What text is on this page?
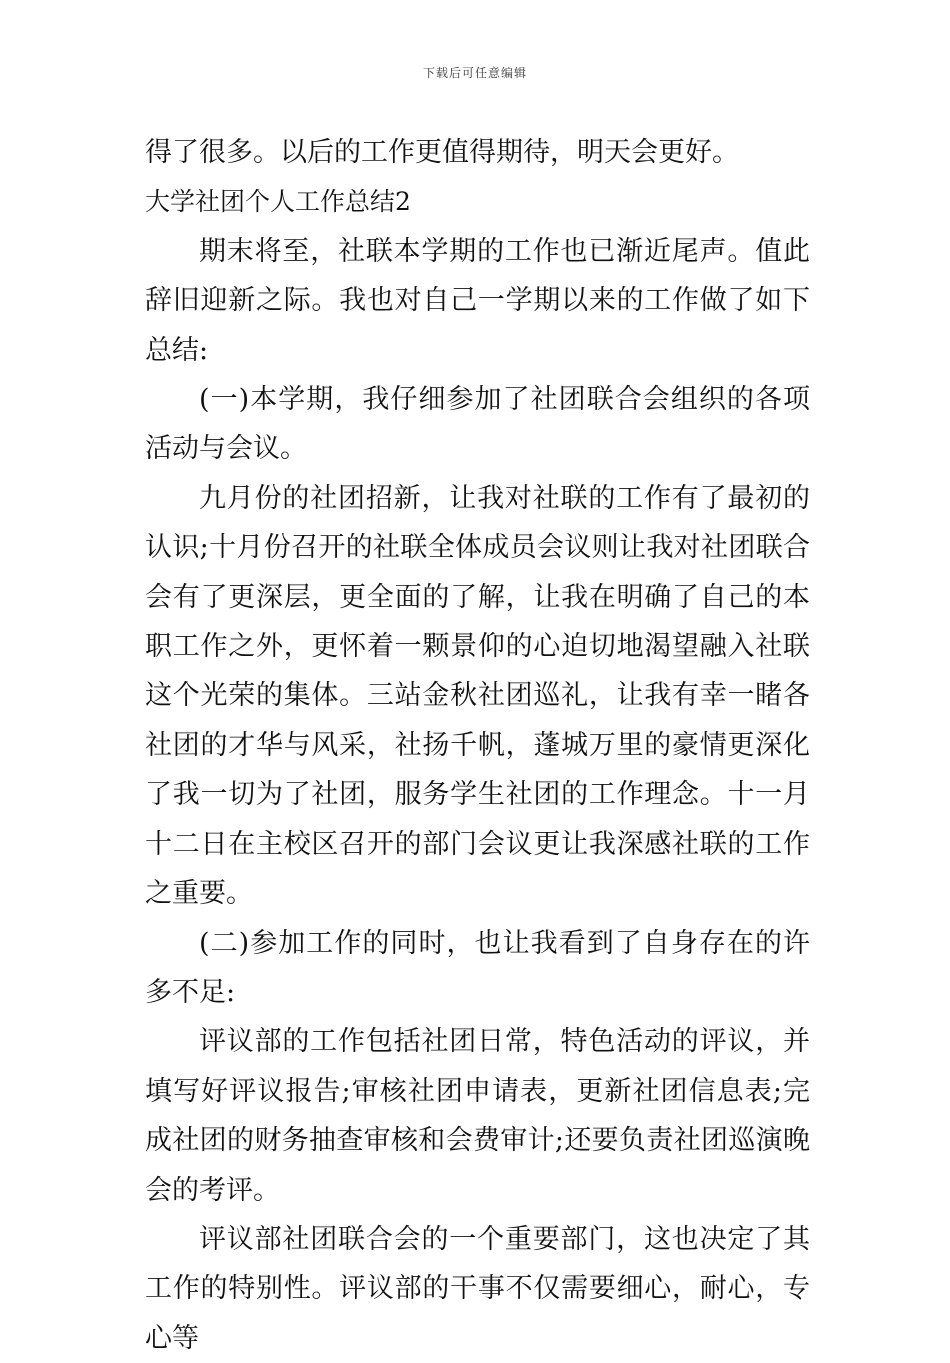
下载后可任意编辑

得了很多。以后的工作更值得期待，明天会更好。

大学社团个人工作总结2

期末将至，社联本学期的工作也已渐近尾声。值此辞旧迎新之际。我也对自己一学期以来的工作做了如下总结:

(一)本学期，我仔细参加了社团联合会组织的各项活动与会议。

九月份的社团招新，让我对社联的工作有了最初的认识;十月份召开的社联全体成员会议则让我对社团联合会有了更深层，更全面的了解，让我在明确了自己的本职工作之外，更怀着一颗景仰的心迫切地渴望融入社联这个光荣的集体。三站金秋社团巡礼，让我有幸一睹各社团的才华与风采，社扬千帆，蓬城万里的豪情更深化了我一切为了社团，服务学生社团的工作理念。十一月十二日在主校区召开的部门会议更让我深感社联的工作之重要。

(二)参加工作的同时，也让我看到了自身存在的许多不足:

评议部的工作包括社团日常，特色活动的评议，并填写好评议报告;审核社团申请表，更新社团信息表;完成社团的财务抽查审核和会费审计;还要负责社团巡演晚会的考评。

评议部社团联合会的一个重要部门，这也决定了其工作的特别性。评议部的干事不仅需要细心，耐心，专心等
